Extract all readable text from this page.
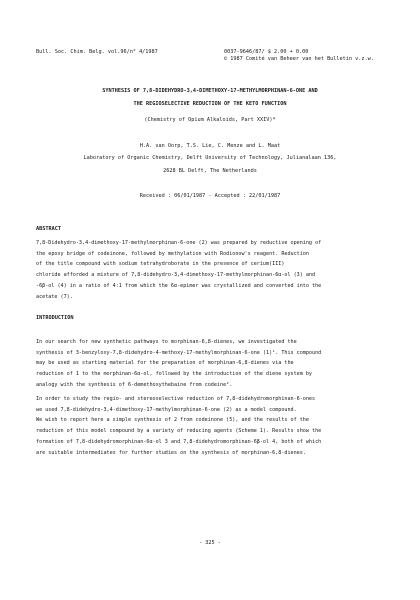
Bull. Soc. Chim. Belg. vol.96/n° 4/1987	0037-9646/87/ $ 2.00 + 0.00
© 1987 Comité van Beheer van het Bulletin v.z.w.
SYNTHESIS OF 7,8-DIDEHYDRO-3,4-DIMETHOXY-17-METHYLMORPHINAN-6-ONE AND
THE REGIOSELECTIVE REDUCTION OF THE KETO FUNCTION
(Chemistry of Opium Alkaloids, Part XXIV)*
H.A. van Oorp, T.S. Lie, C. Menze and L. Maat
Laboratory of Organic Chemistry, Delft University of Technology, Julianalaan 136,
2628 BL Delft, The Netherlands
Received : 06/01/1987 - Accepted : 22/01/1987
ABSTRACT
7,8-Didehydro-3,4-dimethoxy-17-methylmorphinan-6-one (2) was prepared by reductive opening of
the epoxy bridge of codeinone, followed by methylation with Rodionow's reagent. Reduction
of the title compound with sodium tetrahydroborate in the presence of cerium(III)
chloride afforded a mixture of 7,8-didehydro-3,4-dimethoxy-17-methylmorphinan-6α-ol (3) and
-6β-ol (4) in a ratio of 4:1 from which the 6α-epimer was crystallized and converted into the
acetate (7).
INTRODUCTION
In our search for new synthetic pathways to morphinan-6,8-dienes, we investigated the
synthesis of 3-benzyloxy-7,8-didehydro-4-methoxy-17-methylmorphinan-6-one (1)¹. This compound
may be used as starting material for the preparation of morphinan-6,8-dienes via the
reduction of 1 to the morphinan-6α-ol, followed by the introduction of the diene system by
analogy with the synthesis of 6-demethoxythebaine from codeine².
In order to study the regio- and stereoselective reduction of 7,8-didehydromorphinan-6-ones
we used 7,8-didehydro-3,4-dimethoxy-17-methylmorphinan-6-one (2) as a model compound.
We wish to report here a simple synthesis of 2 from codeinone (5), and the results of the
reduction of this model compound by a variety of reducing agents (Scheme 1). Results show the
formation of 7,8-didehydromorphinan-6α-ol 3 and 7,8-didehydromorphinan-6β-ol 4, both of which
are suitable intermediates for further studies on the synthesis of morphinan-6,8-dienes.
- 325 -
